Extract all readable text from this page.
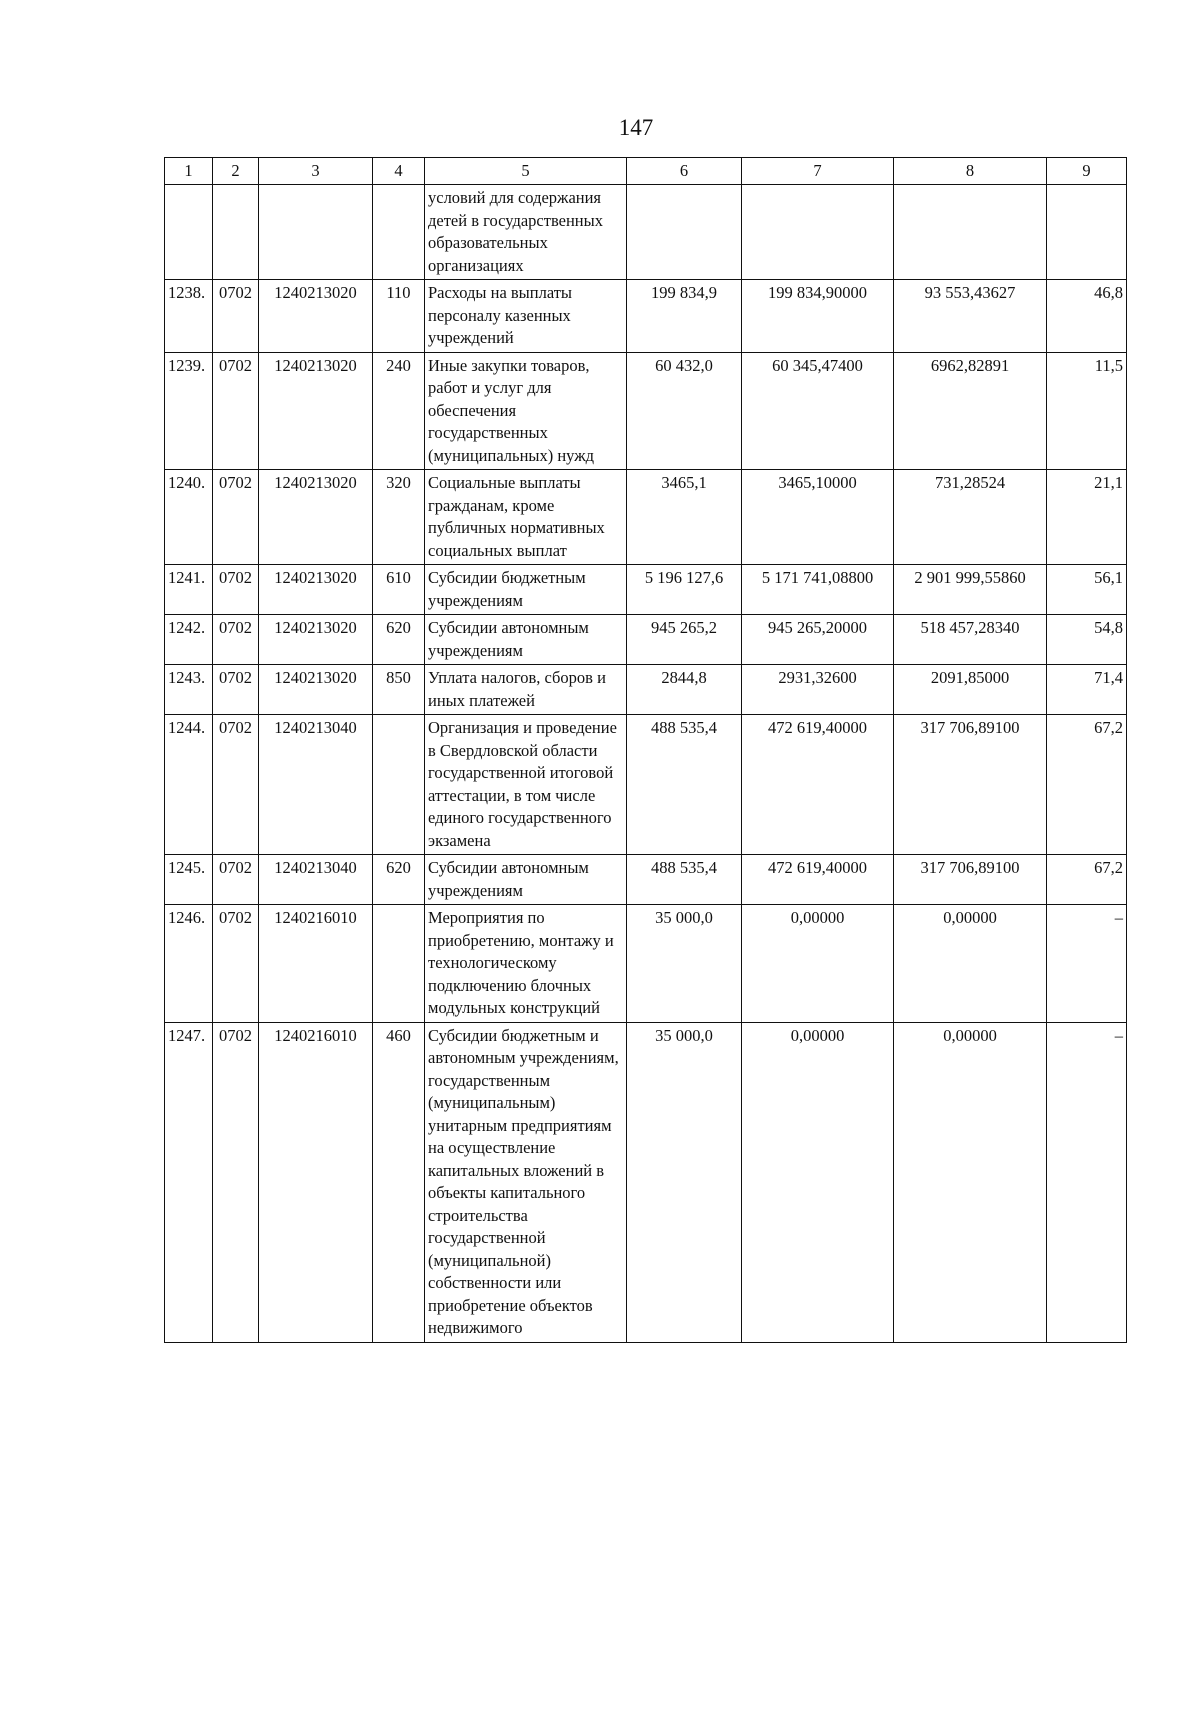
147
1	2	3	4	5	6	7	8	9
				условий для содержания детей в государственных образовательных организациях				
1238.	0702	1240213020	110	Расходы на выплаты персоналу казенных учреждений	199 834,9	199 834,90000	93 553,43627	46,8
1239.	0702	1240213020	240	Иные закупки товаров, работ и услуг для обеспечения государственных (муниципальных) нужд	60 432,0	60 345,47400	6962,82891	11,5
1240.	0702	1240213020	320	Социальные выплаты гражданам, кроме публичных нормативных социальных выплат	3465,1	3465,10000	731,28524	21,1
1241.	0702	1240213020	610	Субсидии бюджетным учреждениям	5 196 127,6	5 171 741,08800	2 901 999,55860	56,1
1242.	0702	1240213020	620	Субсидии автономным учреждениям	945 265,2	945 265,20000	518 457,28340	54,8
1243.	0702	1240213020	850	Уплата налогов, сборов и иных платежей	2844,8	2931,32600	2091,85000	71,4
1244.	0702	1240213040		Организация и проведение в Свердловской области государственной итоговой аттестации, в том числе единого государственного экзамена	488 535,4	472 619,40000	317 706,89100	67,2
1245.	0702	1240213040	620	Субсидии автономным учреждениям	488 535,4	472 619,40000	317 706,89100	67,2
1246.	0702	1240216010		Мероприятия по приобретению, монтажу и технологическому подключению блочных модульных конструкций	35 000,0	0,00000	0,00000	–
1247.	0702	1240216010	460	Субсидии бюджетным и автономным учреждениям, государственным (муниципальным) унитарным предприятиям на осуществление капитальных вложений в объекты капитального строительства государственной (муниципальной) собственности или приобретение объектов недвижимого	35 000,0	0,00000	0,00000	–
